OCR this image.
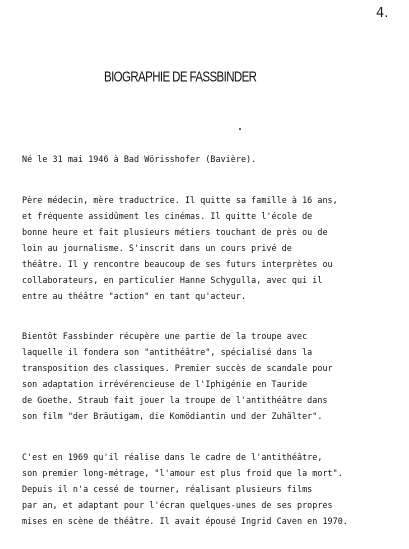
4.
BIOGRAPHIE DE FASSBINDER
Né le 31 mai 1946 à Bad Wörisshofer (Bavière).
Père médecin, mère traductrice. Il quitte sa famille à 16 ans,
et fréquente assidûment les cinémas. Il quitte l'école de
bonne heure et fait plusieurs métiers touchant de près ou de
loin au journalisme. S'inscrit dans un cours privé de
théâtre. Il y rencontre beaucoup de ses futurs interprètes ou
collaborateurs, en particulier Hanne Schygulla, avec qui il
entre au théâtre "action" en tant qu'acteur.
Bientôt Fassbinder récupère une partie de la troupe avec
laquelle il fondera son "antithéâtre", spécialisé dans la
transposition des classiques. Premier succès de scandale pour
son adaptation irrévérencieuse de l'Iphigénie en Tauride
de Goethe. Straub fait jouer la troupe de l'antithéâtre dans
son film "der Bräutigam, die Komödiantin und der Zuhälter".
C'est en 1969 qu'il réalise dans le cadre de l'antithéâtre,
son premier long-métrage, "l'amour est plus froid que la mort".
Depuis il n'a cessé de tourner, réalisant plusieurs films
par an, et adaptant pour l'écran quelques-unes de ses propres
mises en scène de théâtre. Il avait épousé Ingrid Caven en 1970.
